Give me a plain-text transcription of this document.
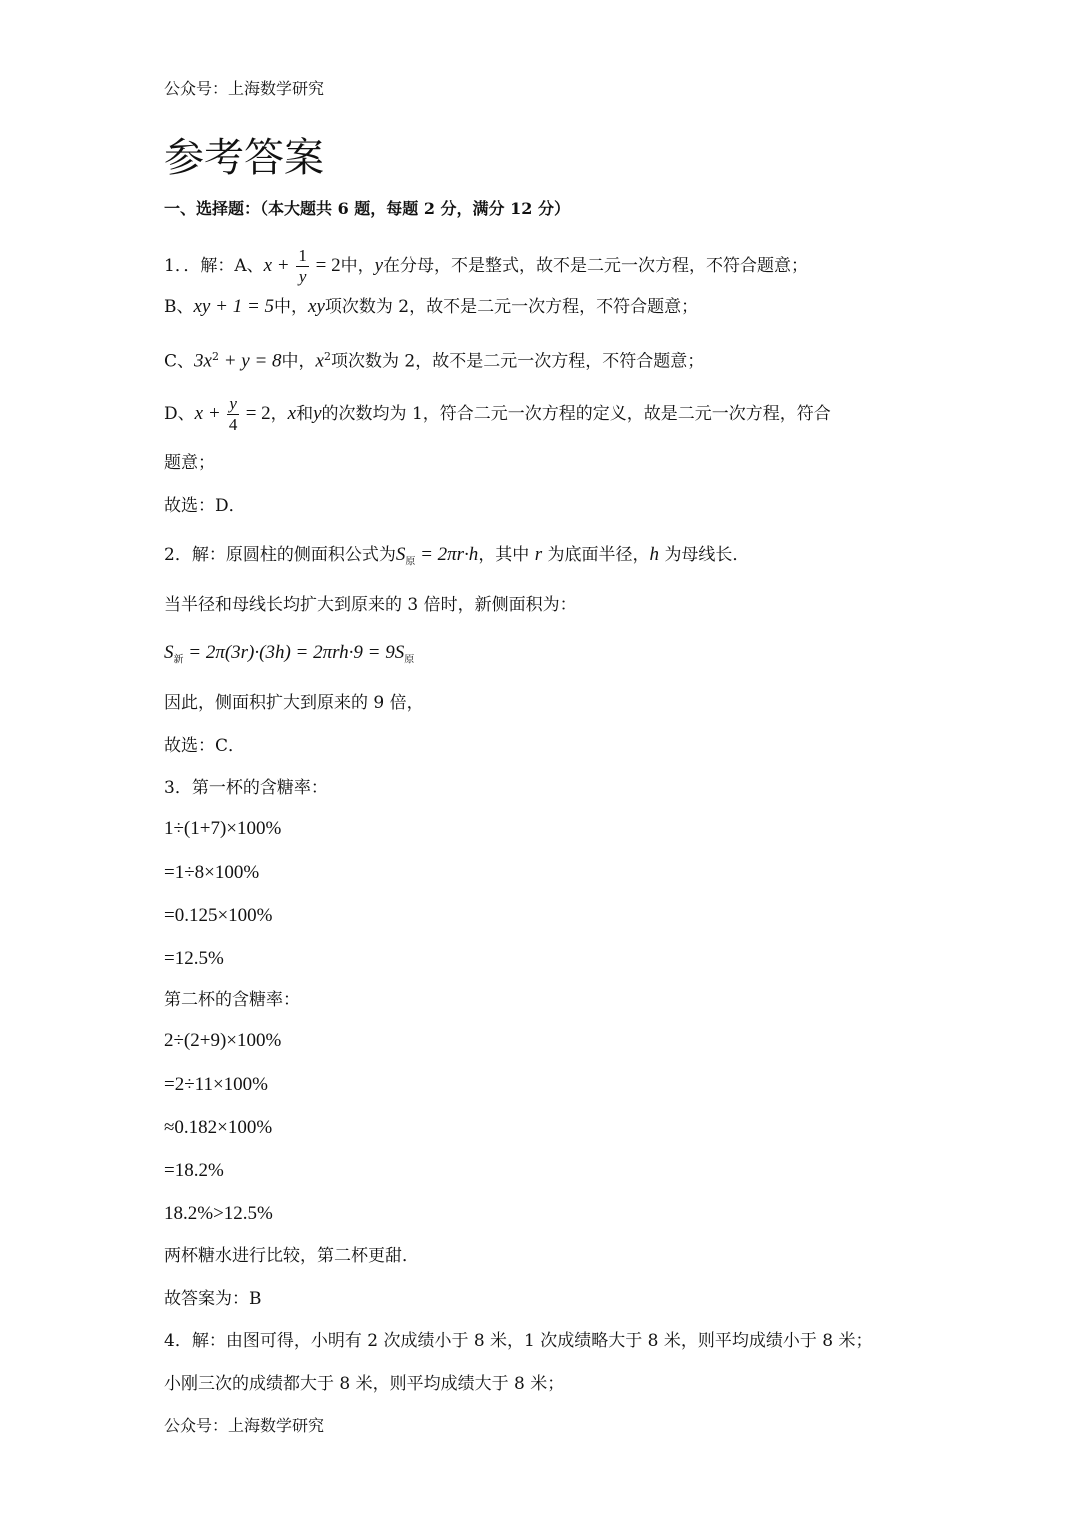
公众号：上海数学研究
参考答案
一、选择题：（本大题共 6 题，每题 2 分，满分 12 分）
1．．解：A、$x + \frac{1}{y} = 2$中，y在分母，不是整式，故不是二元一次方程，不符合题意；
B、xy + 1 = 5中，xy项次数为 2，故不是二元一次方程，不符合题意；
C、$3x^2 + y = 8$中，$x^2$项次数为 2，故不是二元一次方程，不符合题意；
D、$x + \frac{y}{4} = 2$，x和y的次数均为 1，符合二元一次方程的定义，故是二元一次方程，符合
题意；
故选：D．
2．解：原圆柱的侧面积公式为$S_原 = 2\pi r\cdot h$，其中 r 为底面半径，h 为母线长．
当半径和母线长均扩大到原来的 3 倍时，新侧面积为：
$S_新 = 2\pi(3r)\cdot(3h) = 2\pi rh\cdot 9 = 9S_原$
因此，侧面积扩大到原来的 9 倍，
故选：C．
3．第一杯的含糖率：
1÷(1+7)×100%
=1÷8×100%
=0.125×100%
=12.5%
第二杯的含糖率：
2÷(2+9)×100%
=2÷11×100%
≈0.182×100%
=18.2%
18.2%>12.5%
两杯糖水进行比较，第二杯更甜．
故答案为：B
4．解：由图可得，小明有 2 次成绩小于 8 米，1 次成绩略大于 8 米，则平均成绩小于 8 米；
小刚三次的成绩都大于 8 米，则平均成绩大于 8 米；
公众号：上海数学研究
